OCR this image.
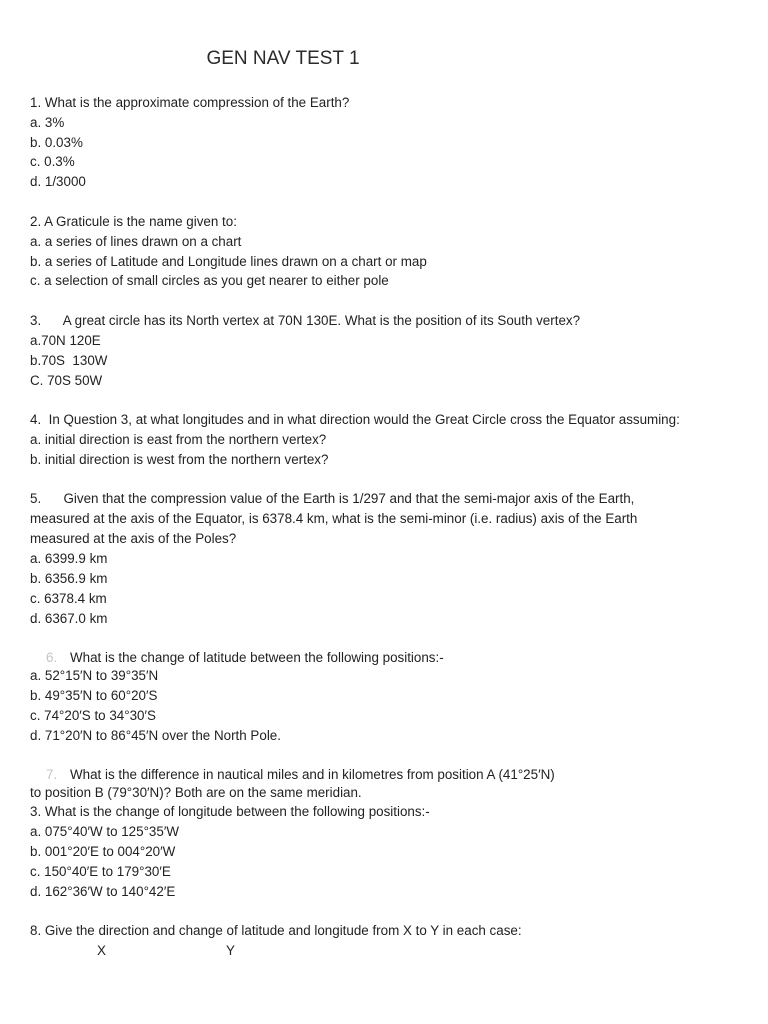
GEN NAV TEST 1
1. What is the approximate compression of the Earth?
a. 3%
b. 0.03%
c. 0.3%
d. 1/3000
2. A Graticule is the name given to:
a. a series of lines drawn on a chart
b. a series of Latitude and Longitude lines drawn on a chart or map
c. a selection of small circles as you get nearer to either pole
3.      A great circle has its North vertex at 70N 130E. What is the position of its South vertex?
a.70N 120E
b.70S  130W
C. 70S 50W
4.  In Question 3, at what longitudes and in what direction would the Great Circle cross the Equator assuming:
a. initial direction is east from the northern vertex?
b. initial direction is west from the northern vertex?
5.      Given that the compression value of the Earth is 1/297 and that the semi-major axis of the Earth,
measured at the axis of the Equator, is 6378.4 km, what is the semi-minor (i.e. radius) axis of the Earth
measured at the axis of the Poles?
a. 6399.9 km
b. 6356.9 km
c. 6378.4 km
d. 6367.0 km
6. What is the change of latitude between the following positions:-
a. 52°15′N to 39°35′N
b. 49°35′N to 60°20′S
c. 74°20′S to 34°30′S
d. 71°20′N to 86°45′N over the North Pole.
7. What is the difference in nautical miles and in kilometres from position A (41°25′N)
to position B (79°30′N)? Both are on the same meridian.
3. What is the change of longitude between the following positions:-
a. 075°40′W to 125°35′W
b. 001°20′E to 004°20′W
c. 150°40′E to 179°30′E
d. 162°36′W to 140°42′E
8. Give the direction and change of latitude and longitude from X to Y in each case:
X	Y
